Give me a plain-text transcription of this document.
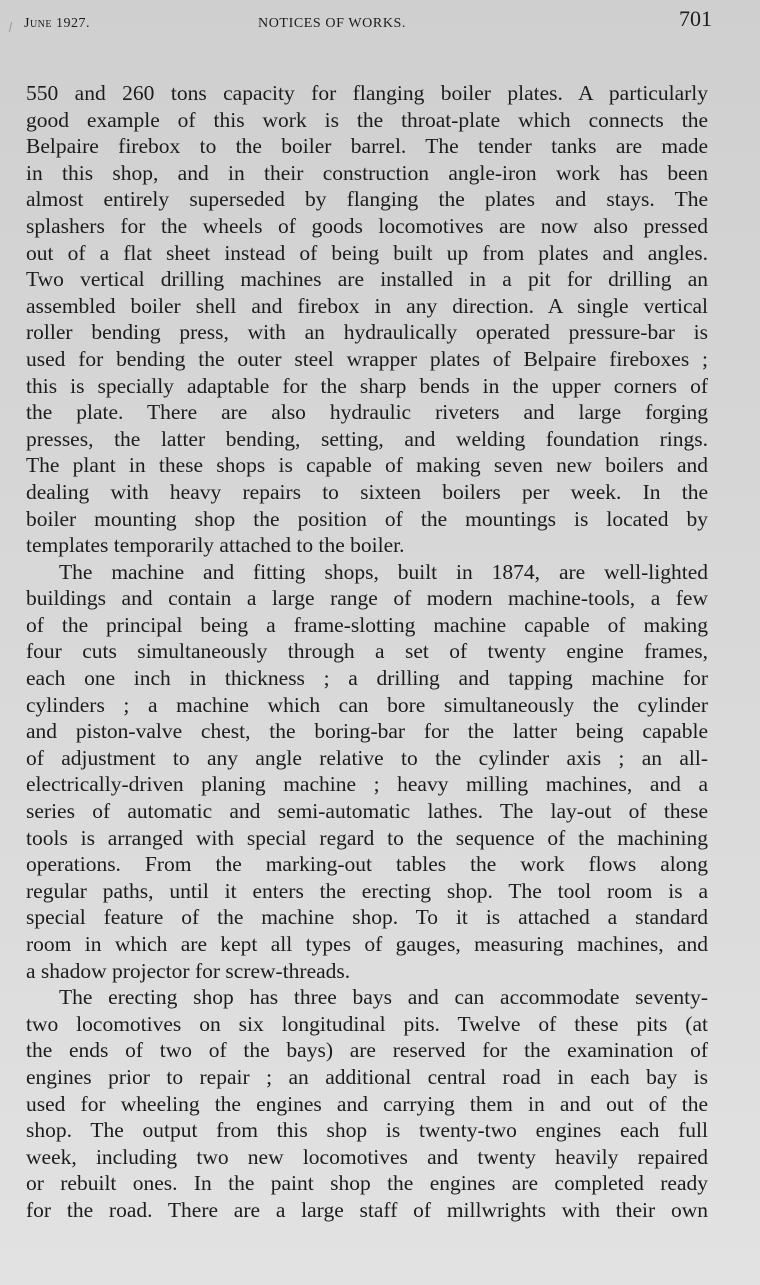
June 1927.	NOTICES OF WORKS.	701
550 and 260 tons capacity for flanging boiler plates. A particularly
good example of this work is the throat-plate which connects the
Belpaire firebox to the boiler barrel. The tender tanks are made
in this shop, and in their construction angle-iron work has been
almost entirely superseded by flanging the plates and stays. The
splashers for the wheels of goods locomotives are now also pressed
out of a flat sheet instead of being built up from plates and angles.
Two vertical drilling machines are installed in a pit for drilling an
assembled boiler shell and firebox in any direction. A single vertical
roller bending press, with an hydraulically operated pressure-bar is
used for bending the outer steel wrapper plates of Belpaire fireboxes ;
this is specially adaptable for the sharp bends in the upper corners of
the plate. There are also hydraulic riveters and large forging
presses, the latter bending, setting, and welding foundation rings.
The plant in these shops is capable of making seven new boilers and
dealing with heavy repairs to sixteen boilers per week. In the
boiler mounting shop the position of the mountings is located by
templates temporarily attached to the boiler.
The machine and fitting shops, built in 1874, are well-lighted
buildings and contain a large range of modern machine-tools, a few
of the principal being a frame-slotting machine capable of making
four cuts simultaneously through a set of twenty engine frames,
each one inch in thickness ; a drilling and tapping machine for
cylinders ; a machine which can bore simultaneously the cylinder
and piston-valve chest, the boring-bar for the latter being capable
of adjustment to any angle relative to the cylinder axis ; an all-
electrically-driven planing machine ; heavy milling machines, and a
series of automatic and semi-automatic lathes. The lay-out of these
tools is arranged with special regard to the sequence of the machining
operations. From the marking-out tables the work flows along
regular paths, until it enters the erecting shop. The tool room is a
special feature of the machine shop. To it is attached a standard
room in which are kept all types of gauges, measuring machines, and
a shadow projector for screw-threads.
The erecting shop has three bays and can accommodate seventy-
two locomotives on six longitudinal pits. Twelve of these pits (at
the ends of two of the bays) are reserved for the examination of
engines prior to repair ; an additional central road in each bay is
used for wheeling the engines and carrying them in and out of the
shop. The output from this shop is twenty-two engines each full
week, including two new locomotives and twenty heavily repaired
or rebuilt ones. In the paint shop the engines are completed ready
for the road. There are a large staff of millwrights with their own
